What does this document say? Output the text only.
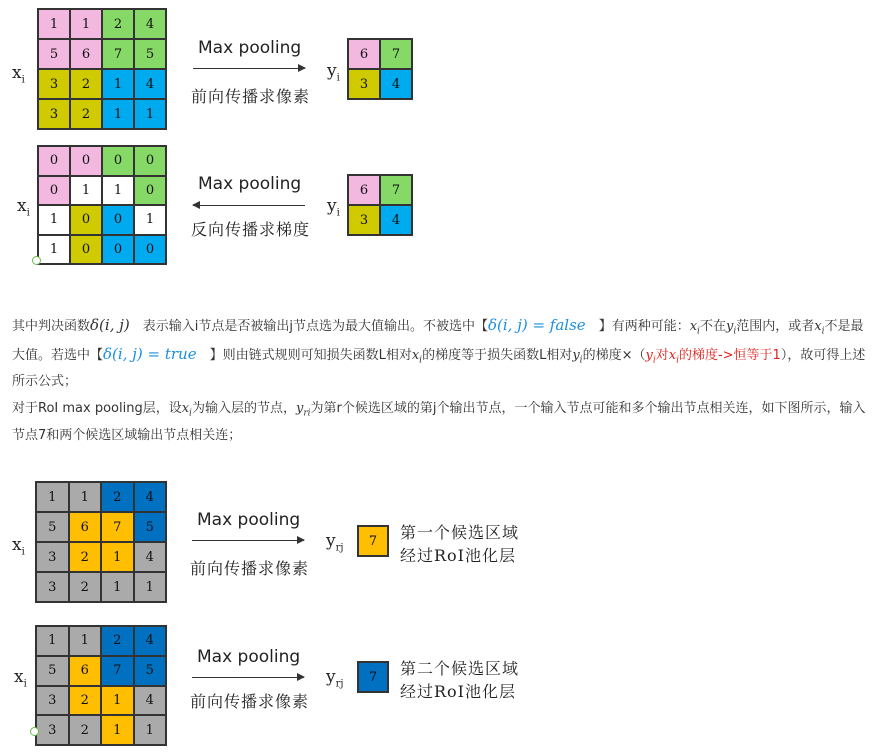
$x_i$
1	1	2	4
5	6	7	5
3	2	1	4
3	2	1	1
Max pooling
前向传播求像素
$y_i$
6	7
3	4
$x_i$
0	0	0	0
0	1	1	0
1	0	0	1
1	0	0	0
Max pooling
反向传播求梯度
$y_i$
6	7
3	4
其中判决函数δ(i, j)　表示输入i节点是否被输出j节点选为最大值输出。不被选中【δ(i, j) = false　】有两种可能：$x_i$不在$y_i$范围内，或者$x_i$不是最大值。若选中【δ(i, j) = true　】则由链式规则可知损失函数L相对$x_i$的梯度等于损失函数L相对$y_i$的梯度$\times(y_i$对$x_i$的梯度->恒等于1），故可得上述所示公式；
对于RoI max pooling层，设$x_i$为输入层的节点，$y_{ri}$为第r个候选区域的第j个输出节点，一个输入节点可能和多个输出节点相关连，如下图所示，输入节点7和两个候选区域输出节点相关连；
$x_i$
1	1	2	4
5	6	7	5
3	2	1	4
3	2	1	1
Max pooling
前向传播求像素
$y_{rj}$	7	第一个候选区域
经过RoI池化层
$x_i$
1	1	2	4
5	6	7	5
3	2	1	4
3	2	1	1
Max pooling
前向传播求像素
$y_{rj}$	7	第二个候选区域
经过RoI池化层
